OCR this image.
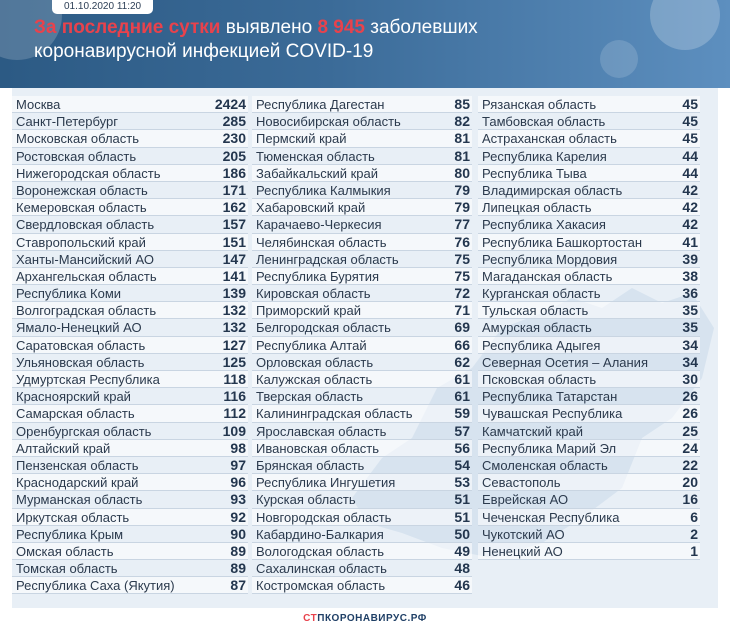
01.10.2020 11:20
За последние сутки выявлено 8 945 заболевших
коронавирусной инфекцией COVID-19
Москва	2424
Санкт-Петербург	285
Московская область	230
Ростовская область	205
Нижегородская область	186
Воронежская область	171
Кемеровская область	162
Свердловская область	157
Ставропольский край	151
Ханты-Мансийский АО	147
Архангельская область	141
Республика Коми	139
Волгоградская область	132
Ямало-Ненецкий АО	132
Саратовская область	127
Ульяновская область	125
Удмуртская Республика	118
Красноярский край	116
Самарская область	112
Оренбургская область	109
Алтайский край	98
Пензенская область	97
Краснодарский край	96
Мурманская область	93
Иркутская область	92
Республика Крым	90
Омская область	89
Томская область	89
Республика Саха (Якутия)	87
Республика Дагестан	85
Новосибирская область	82
Пермский край	81
Тюменская область	81
Забайкальский край	80
Республика Калмыкия	79
Хабаровский край	79
Карачаево-Черкесия	77
Челябинская область	76
Ленинградская область	75
Республика Бурятия	75
Кировская область	72
Приморский край	71
Белгородская область	69
Республика Алтай	66
Орловская область	62
Калужская область	61
Тверская область	61
Калининградская область	59
Ярославская область	57
Ивановская область	56
Брянская область	54
Республика Ингушетия	53
Курская область	51
Новгородская область	51
Кабардино-Балкария	50
Вологодская область	49
Сахалинская область	48
Костромская область	46
Рязанская область	45
Тамбовская область	45
Астраханская область	45
Республика Карелия	44
Республика Тыва	44
Владимирская область	42
Липецкая область	42
Республика Хакасия	42
Республика Башкортостан	41
Республика Мордовия	39
Магаданская область	38
Курганская область	36
Тульская область	35
Амурская область	35
Республика Адыгея	34
Северная Осетия – Алания 34
Псковская область	30
Республика Татарстан	26
Чувашская Республика	26
Камчатский край	25
Республика Марий Эл	24
Смоленская область	22
Севастополь	20
Еврейская АО	16
Чеченская Республика	6
Чукотский АО	2
Ненецкий АО	1
СТПКОРОНАВИРУС.РФ
